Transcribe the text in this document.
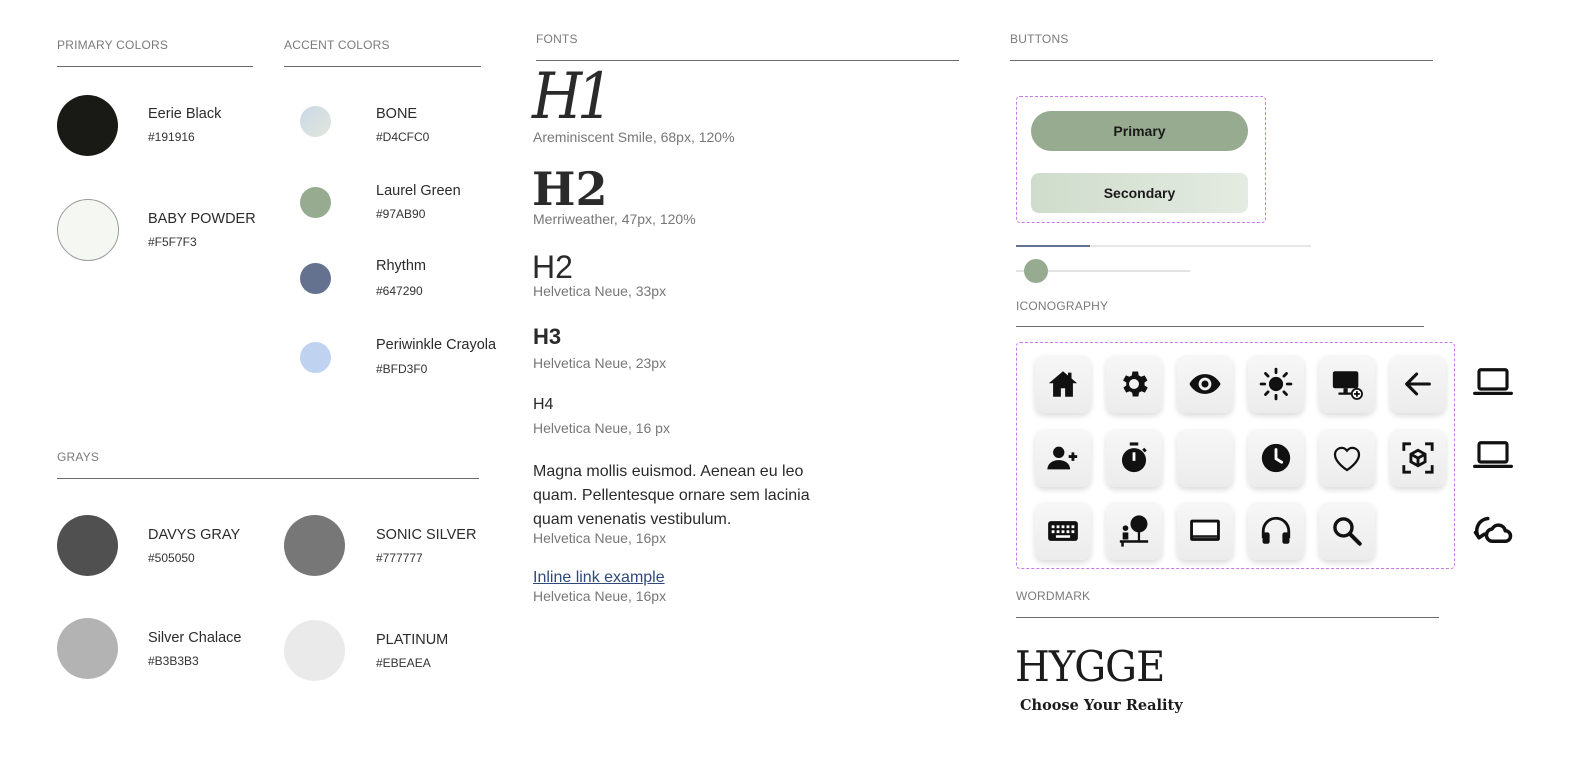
PRIMARY COLORS
Eerie Black
#191916
BABY POWDER
#F5F7F3
ACCENT COLORS
BONE
#D4CFC0
Laurel Green
#97AB90
Rhythm
#647290
Periwinkle Crayola
#BFD3F0
GRAYS
DAVYS GRAY
#505050
SONIC SILVER
#777777
Silver Chalace
#B3B3B3
PLATINUM
#EBEAEA
FONTS
H1
Areminiscent Smile, 68px, 120%
H2
Merriweather, 47px, 120%
H2
Helvetica Neue, 33px
H3
Helvetica Neue, 23px
H4
Helvetica Neue, 16 px
Magna mollis euismod. Aenean eu leo
quam. Pellentesque ornare sem lacinia
quam venenatis vestibulum.
Helvetica Neue, 16px
Inline link example
Helvetica Neue, 16px
BUTTONS
Primary
Secondary
ICONOGRAPHY
WORDMARK
HYGGE
Choose Your Reality
